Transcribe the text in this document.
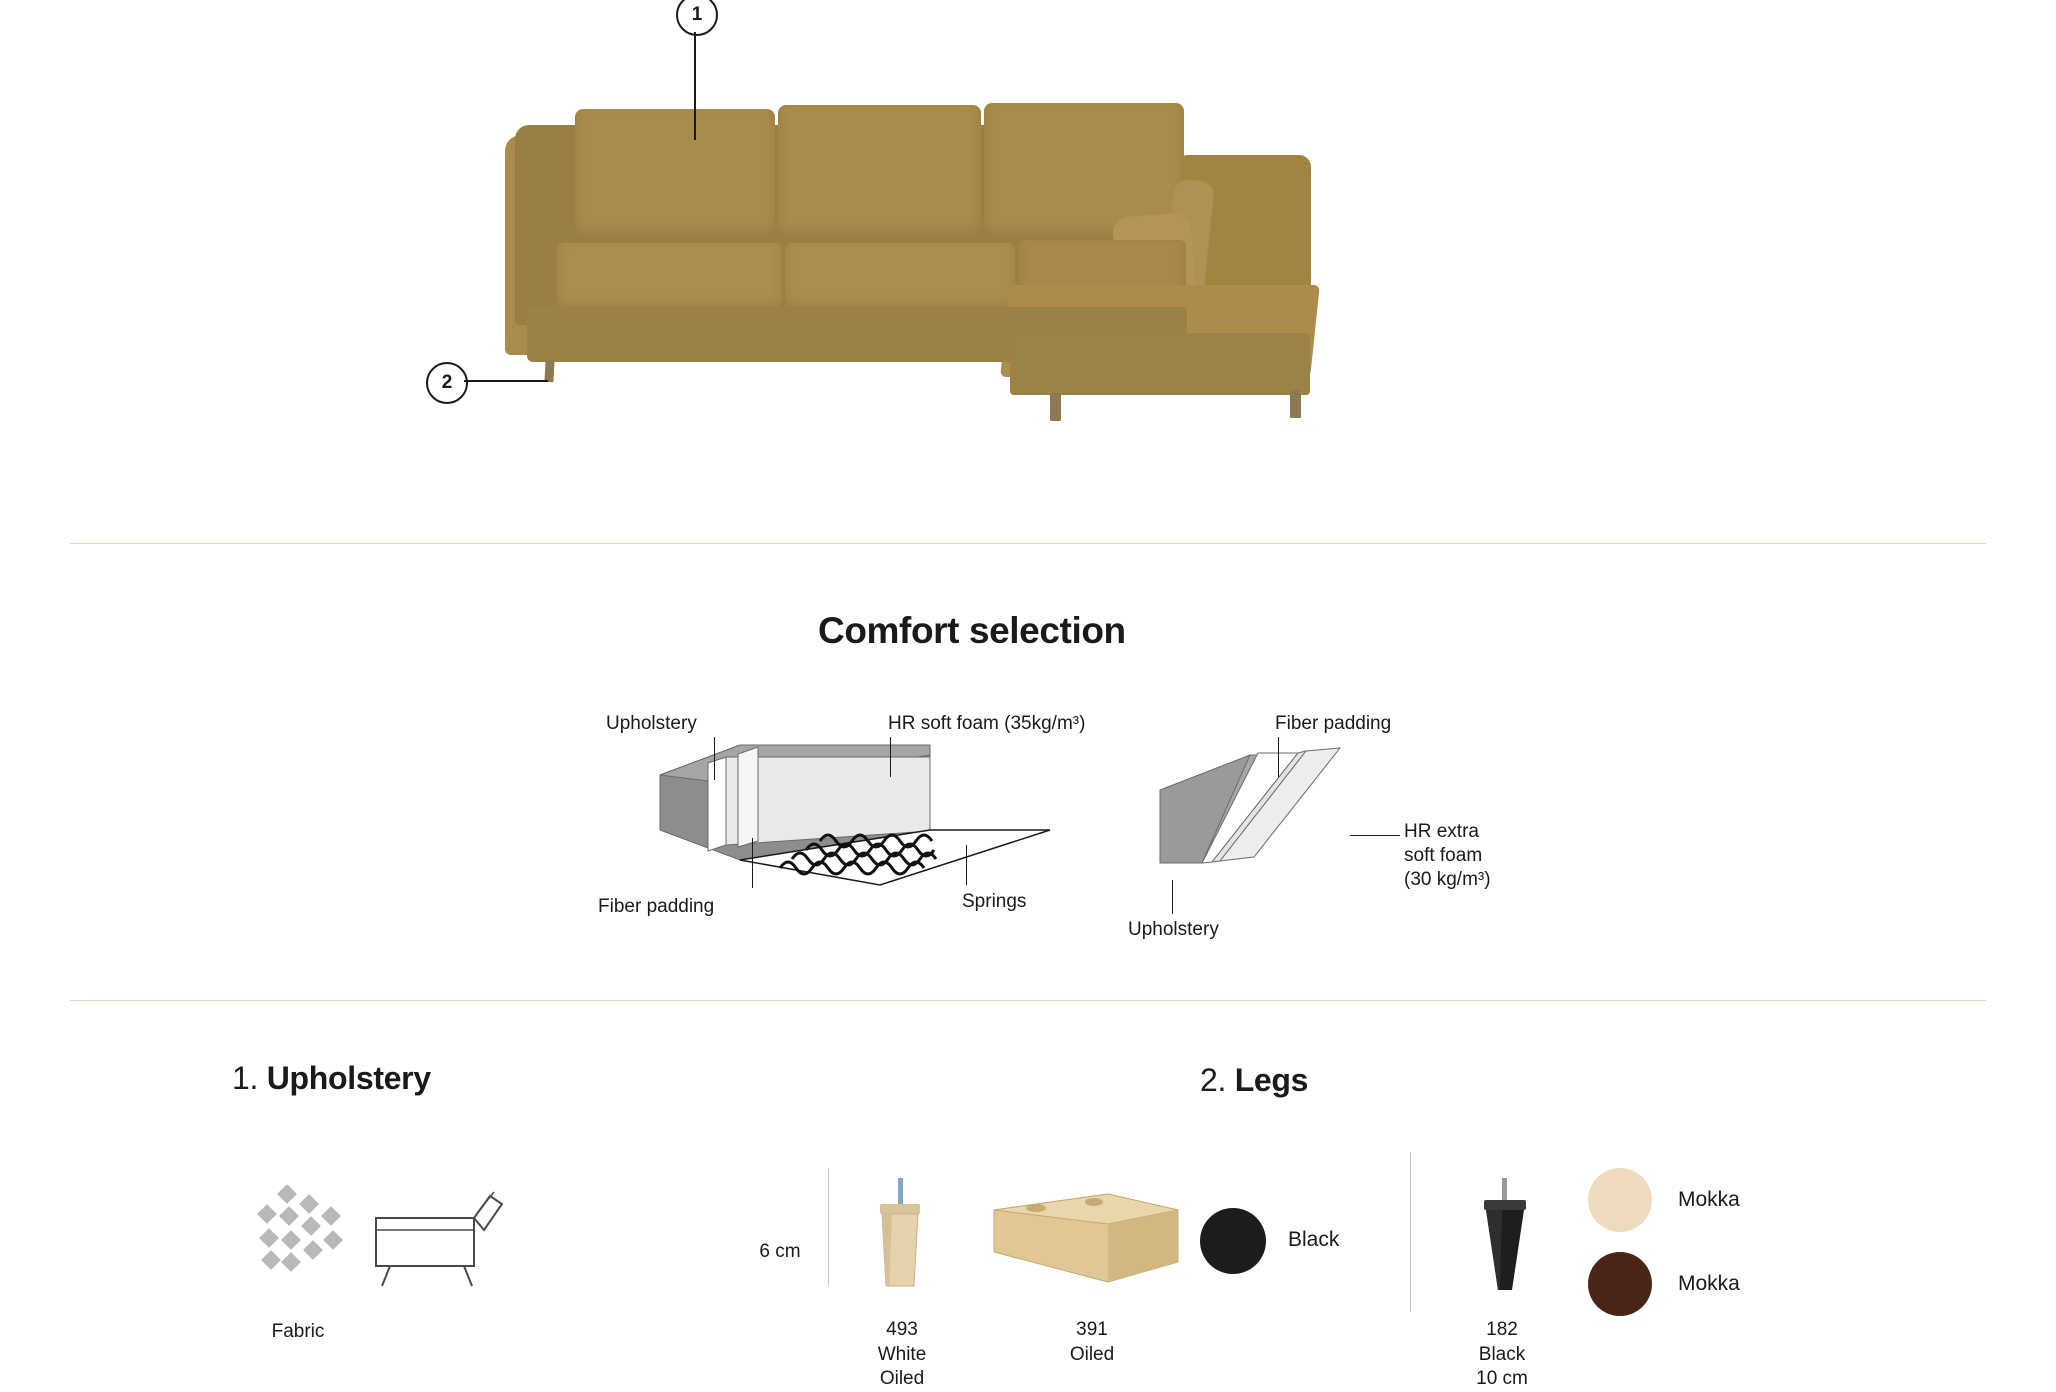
1
2
Comfort selection
Upholstery	HR soft foam (35kg/m³)
Fiber padding	Springs
Fiber padding
HR extra
soft foam
(30 kg/m³)
Upholstery
1. Upholstery
Fabric
2. Legs
6 cm
493
White
Oiled
391
Oiled
Black
182
Black
10 cm
Mokka
Mokka
